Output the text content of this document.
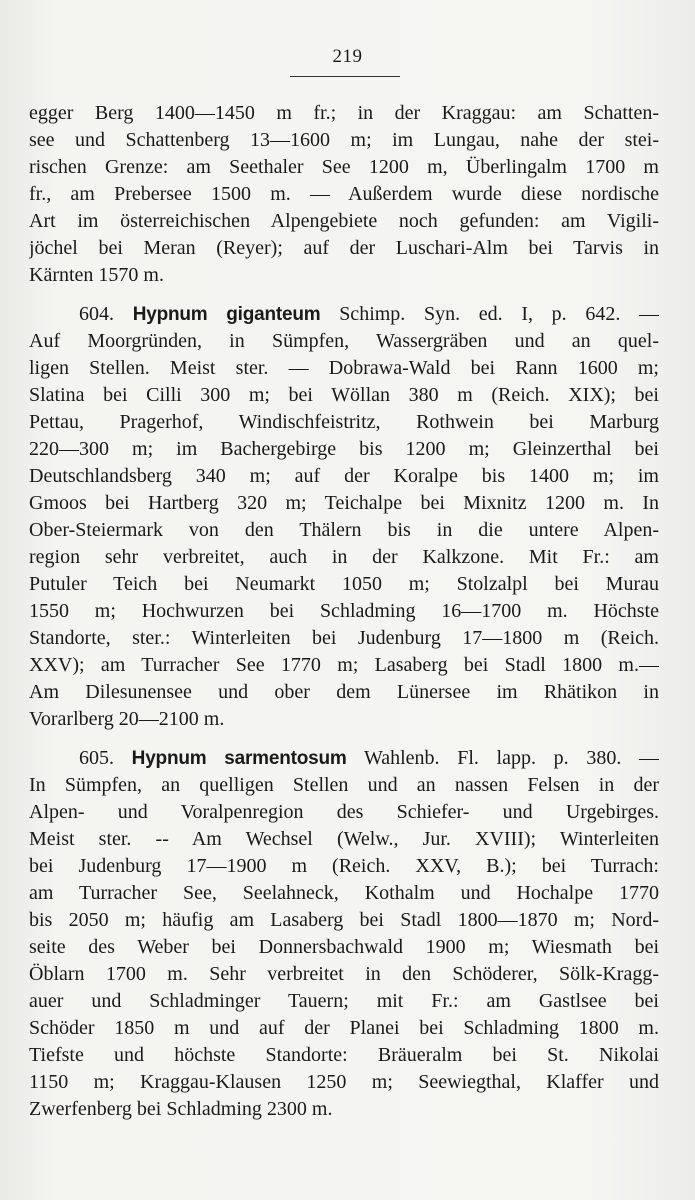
219
egger Berg 1400—1450 m fr.; in der Kraggau: am Schatten-
see und Schattenberg 13—1600 m; im Lungau, nahe der stei-
rischen Grenze: am Seethaler See 1200 m, Überlingalm 1700 m
fr., am Prebersee 1500 m. — Außerdem wurde diese nordische
Art im österreichischen Alpengebiete noch gefunden: am Vigili-
jöchel bei Meran (Reyer); auf der Luschari-Alm bei Tarvis in
Kärnten 1570 m.
604. Hypnum giganteum Schimp. Syn. ed. I, p. 642. —
Auf Moorgründen, in Sümpfen, Wassergräben und an quel-
ligen Stellen. Meist ster. — Dobrawa-Wald bei Rann 1600 m;
Slatina bei Cilli 300 m; bei Wöllan 380 m (Reich. XIX); bei
Pettau, Pragerhof, Windischfeistritz, Rothwein bei Marburg
220—300 m; im Bachergebirge bis 1200 m; Gleinzerthal bei
Deutschlandsberg 340 m; auf der Koralpe bis 1400 m; im
Gmoos bei Hartberg 320 m; Teichalpe bei Mixnitz 1200 m. In
Ober-Steiermark von den Thälern bis in die untere Alpen-
region sehr verbreitet, auch in der Kalkzone. Mit Fr.: am
Putuler Teich bei Neumarkt 1050 m; Stolzalpl bei Murau
1550 m; Hochwurzen bei Schladming 16—1700 m. Höchste
Standorte, ster.: Winterleiten bei Judenburg 17—1800 m (Reich.
XXV); am Turracher See 1770 m; Lasaberg bei Stadl 1800 m.—
Am Dilesunensee und ober dem Lünersee im Rhätikon in
Vorarlberg 20—2100 m.
605. Hypnum sarmentosum Wahlenb. Fl. lapp. p. 380. —
In Sümpfen, an quelligen Stellen und an nassen Felsen in der
Alpen- und Voralpenregion des Schiefer- und Urgebirges.
Meist ster. -- Am Wechsel (Welw., Jur. XVIII); Winterleiten
bei Judenburg 17—1900 m (Reich. XXV, B.); bei Turrach:
am Turracher See, Seelahneck, Kothalm und Hochalpe 1770
bis 2050 m; häufig am Lasaberg bei Stadl 1800—1870 m; Nord-
seite des Weber bei Donnersbachwald 1900 m; Wiesmath bei
Öblarn 1700 m. Sehr verbreitet in den Schöderer, Sölk-Kragg-
auer und Schladminger Tauern; mit Fr.: am Gastlsee bei
Schöder 1850 m und auf der Planei bei Schladming 1800 m.
Tiefste und höchste Standorte: Bräueralm bei St. Nikolai
1150 m; Kraggau-Klausen 1250 m; Seewiegthal, Klaffer und
Zwerfenberg bei Schladming 2300 m.
